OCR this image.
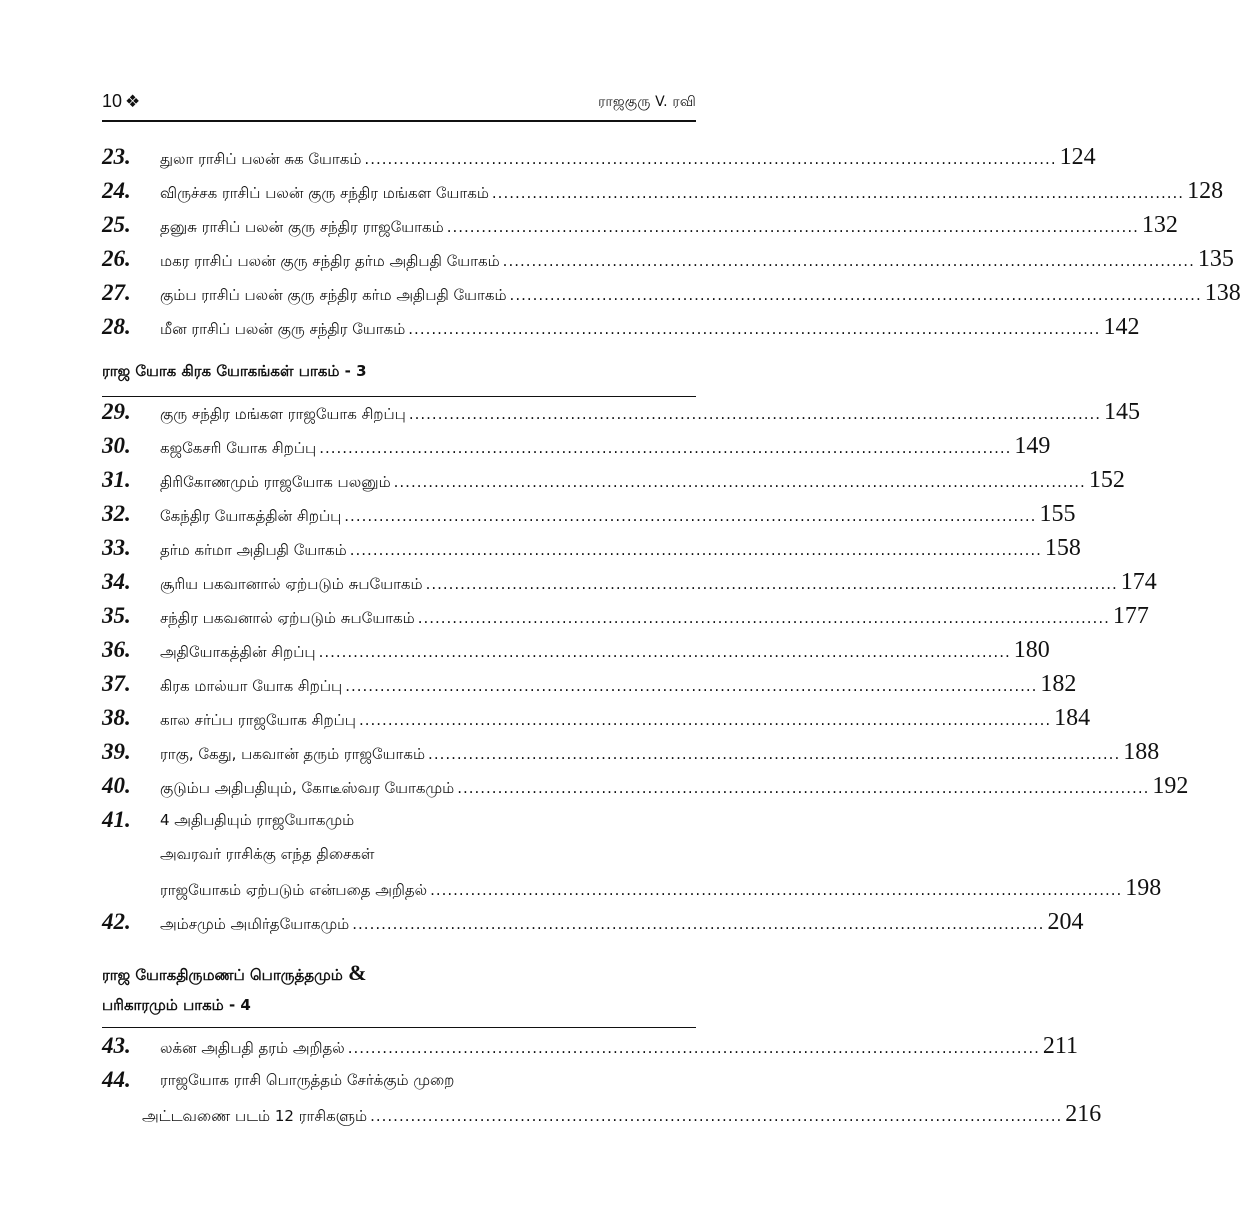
10 ❖	ராஜகுரு V. ரவி
23. துலா ராசிப் பலன் சுக யோகம் ........................................................................................................................ 124
24. விருச்சக ராசிப் பலன் குரு சந்திர மங்கள யோகம் ........................................................................................................................ 128
25. தனுசு ராசிப் பலன் குரு சந்திர ராஜயோகம் ........................................................................................................................ 132
26. மகர ராசிப் பலன் குரு சந்திர தர்ம அதிபதி யோகம் ........................................................................................................................ 135
27. கும்ப ராசிப் பலன் குரு சந்திர கர்ம அதிபதி யோகம் ........................................................................................................................ 138
28. மீன ராசிப் பலன் குரு சந்திர யோகம் ........................................................................................................................ 142
ராஜ யோக கிரக யோகங்கள் பாகம் - 3
29. குரு சந்திர மங்கள ராஜயோக சிறப்பு ........................................................................................................................ 145
30. கஜகேசரி யோக சிறப்பு ........................................................................................................................ 149
31. திரிகோணமும் ராஜயோக பலனும் ........................................................................................................................ 152
32. கேந்திர யோகத்தின் சிறப்பு ........................................................................................................................ 155
33. தர்ம கர்மா அதிபதி யோகம் ........................................................................................................................ 158
34. சூரிய பகவானால் ஏற்படும் சுபயோகம் ........................................................................................................................ 174
35. சந்திர பகவனால் ஏற்படும் சுபயோகம் ........................................................................................................................ 177
36. அதியோகத்தின் சிறப்பு ........................................................................................................................ 180
37. கிரக மால்யா யோக சிறப்பு ........................................................................................................................ 182
38. கால சர்ப்ப ராஜயோக சிறப்பு ........................................................................................................................ 184
39. ராகு, கேது, பகவான் தரும் ராஜயோகம் ........................................................................................................................ 188
40. குடும்ப அதிபதியும், கோடீஸ்வர யோகமும் ........................................................................................................................ 192
41. 4 அதிபதியும் ராஜயோகமும்
அவரவர் ராசிக்கு எந்த திசைகள்
ராஜயோகம் ஏற்படும் என்பதை அறிதல் ........................................................................................................................ 198
42. அம்சமும் அமிர்தயோகமும் ........................................................................................................................ 204
ராஜ யோகதிருமணப் பொருத்தமும் &
பரிகாரமும் பாகம் - 4
43. லக்ன அதிபதி தரம் அறிதல் ........................................................................................................................ 211
44. ராஜயோக ராசி பொருத்தம் சேர்க்கும் முறை
அட்டவணை படம் 12 ராசிகளும் ........................................................................................................................ 216
